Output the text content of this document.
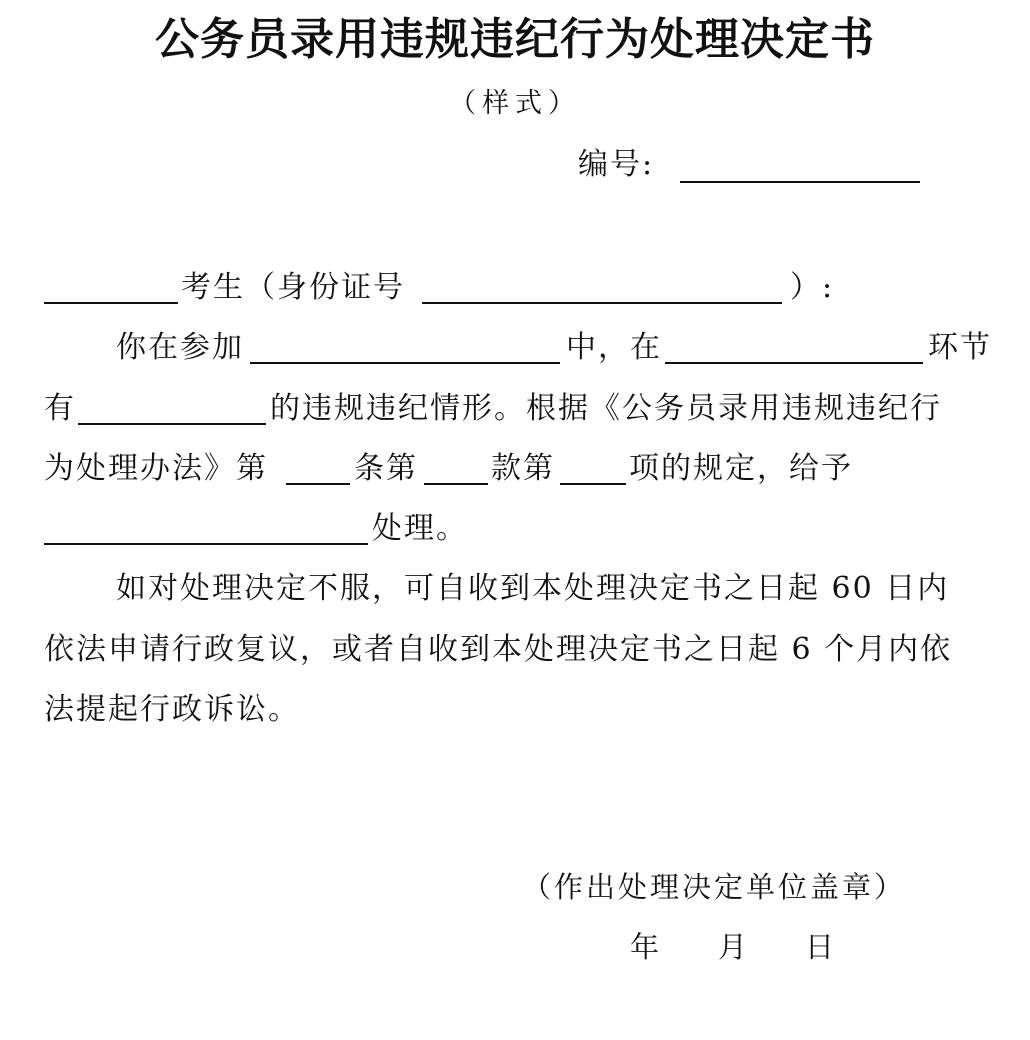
公务员录用违规违纪行为处理决定书
（样式）
编号:
考生（身份证号	）:
你在参加	中，在	环节
有	的违规违纪情形。根据《公务员录用违规违纪行
为处理办法》第	条第 款第 项的规定，给予
处理。
如对处理决定不服，可自收到本处理决定书之日起 60 日内
依法申请行政复议，或者自收到本处理决定书之日起 6 个月内依
法提起行政诉讼。
（作出处理决定单位盖章）
年 月 日
